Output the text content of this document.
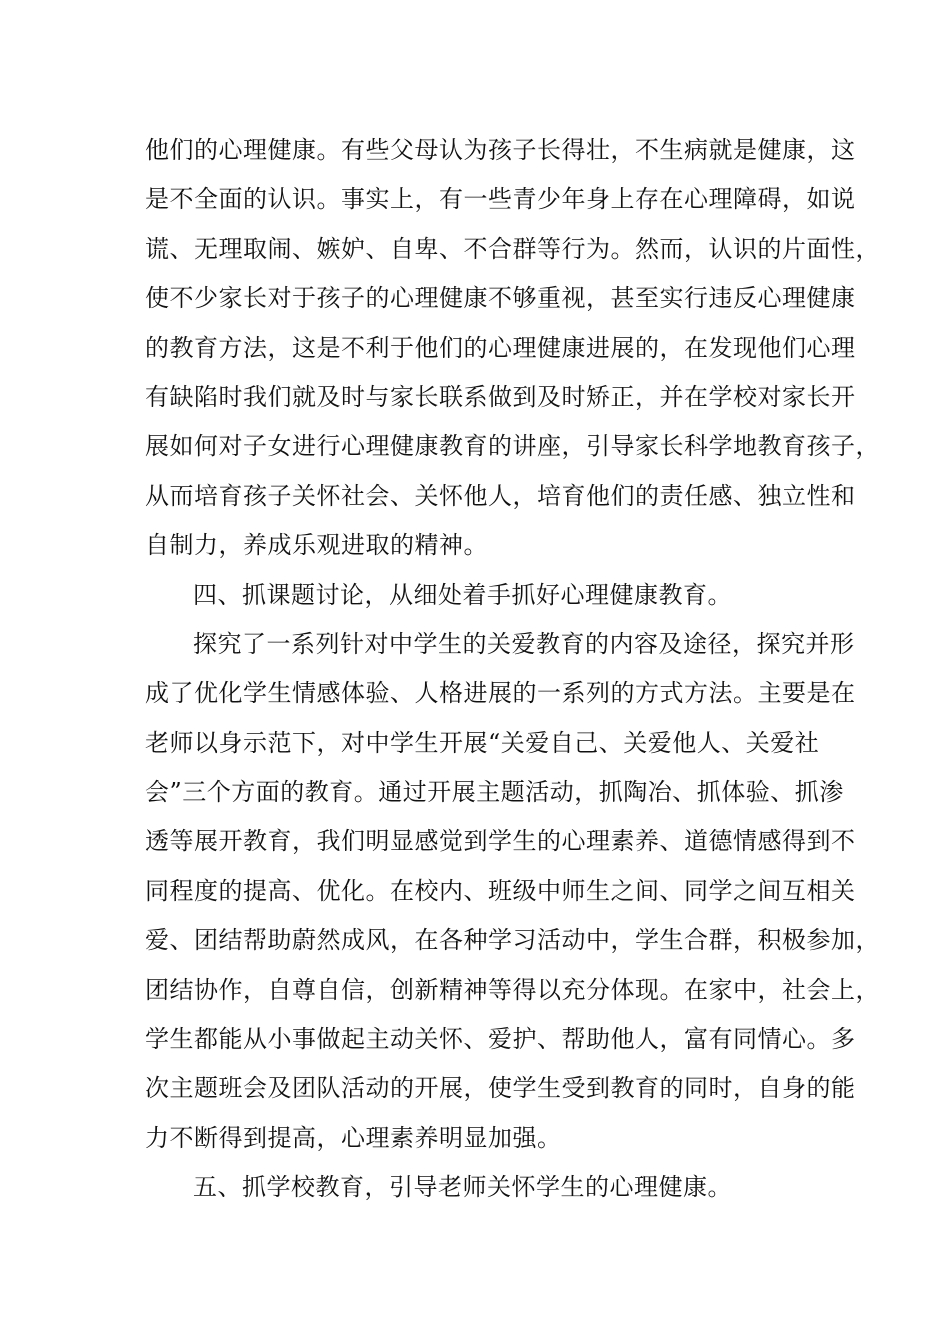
他们的心理健康。有些父母认为孩子长得壮，不生病就是健康，这
是不全面的认识。事实上，有一些青少年身上存在心理障碍，如说
谎、无理取闹、嫉妒、自卑、不合群等行为。然而，认识的片面性，
使不少家长对于孩子的心理健康不够重视，甚至实行违反心理健康
的教育方法，这是不利于他们的心理健康进展的，在发现他们心理
有缺陷时我们就及时与家长联系做到及时矫正，并在学校对家长开
展如何对子女进行心理健康教育的讲座，引导家长科学地教育孩子，
从而培育孩子关怀社会、关怀他人，培育他们的责任感、独立性和
自制力，养成乐观进取的精神。
四、抓课题讨论，从细处着手抓好心理健康教育。
探究了一系列针对中学生的关爱教育的内容及途径，探究并形
成了优化学生情感体验、人格进展的一系列的方式方法。主要是在
老师以身示范下，对中学生开展“关爱自己、关爱他人、关爱社
会”三个方面的教育。通过开展主题活动，抓陶冶、抓体验、抓渗
透等展开教育，我们明显感觉到学生的心理素养、道德情感得到不
同程度的提高、优化。在校内、班级中师生之间、同学之间互相关
爱、团结帮助蔚然成风，在各种学习活动中，学生合群，积极参加，
团结协作，自尊自信，创新精神等得以充分体现。在家中，社会上，
学生都能从小事做起主动关怀、爱护、帮助他人，富有同情心。多
次主题班会及团队活动的开展，使学生受到教育的同时，自身的能
力不断得到提高，心理素养明显加强。
五、抓学校教育，引导老师关怀学生的心理健康。
